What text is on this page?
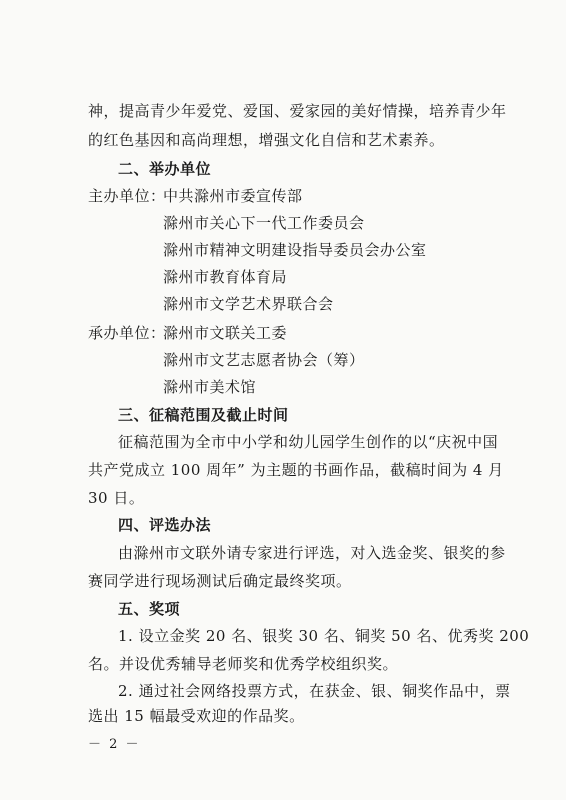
神，提高青少年爱党、爱国、爱家园的美好情操，培养青少年
的红色基因和高尚理想，增强文化自信和艺术素养。
二、举办单位
主办单位：
中共滁州市委宣传部
滁州市关心下一代工作委员会
滁州市精神文明建设指导委员会办公室
滁州市教育体育局
滁州市文学艺术界联合会
承办单位：
滁州市文联关工委
滁州市文艺志愿者协会（筹）
滁州市美术馆
三、征稿范围及截止时间
征稿范围为全市中小学和幼儿园学生创作的以“庆祝中国
共产党成立 100 周年” 为主题的书画作品，截稿时间为 4 月
30 日。
四、评选办法
由滁州市文联外请专家进行评选，对入选金奖、银奖的参
赛同学进行现场测试后确定最终奖项。
五、奖项
1. 设立金奖 20 名、银奖 30 名、铜奖 50 名、优秀奖 200
名。并设优秀辅导老师奖和优秀学校组织奖。
2. 通过社会网络投票方式，在获金、银、铜奖作品中，票
选出 15 幅最受欢迎的作品奖。
－ 2 －
